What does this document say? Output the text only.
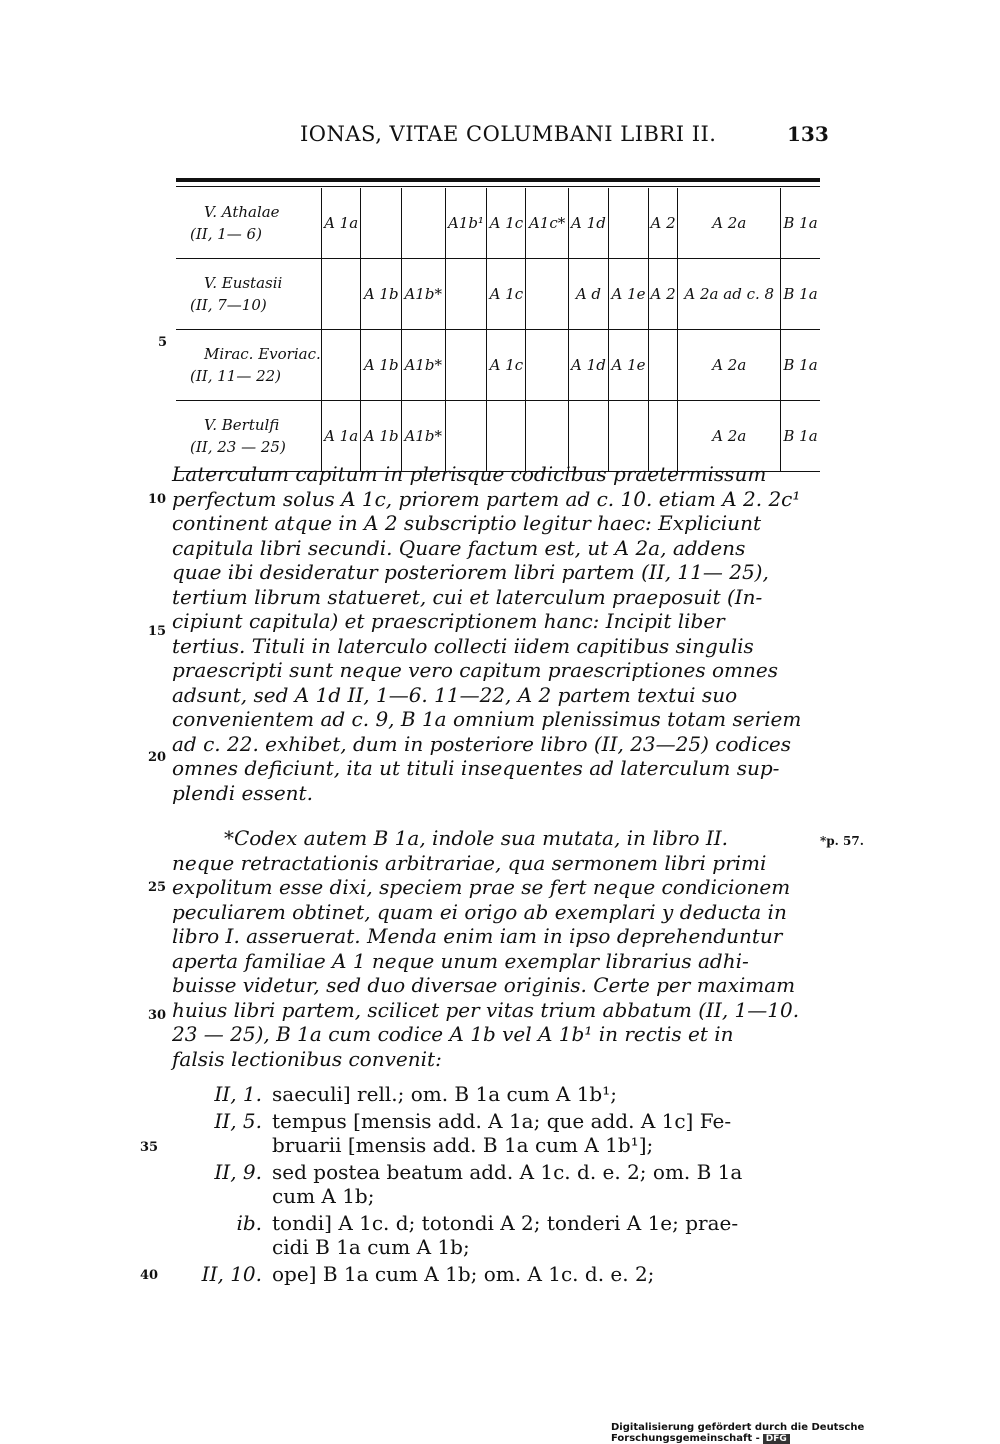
IONAS, VITAE COLUMBANI LIBRI II.	133
V. Athalae
(II, 1— 6)	A 1a			A1b¹	A 1c	A1c*	A 1d		A 2	A 2a	B 1a

V. Eustasii
(II, 7—10)		A 1b	A1b*		A 1c		A d	A 1e	A 2	A 2a ad c. 8	B 1a

Mirac. Evoriac.
(II, 11— 22)		A 1b	A1b*		A 1c		A 1d	A 1e		A 2a	B 1a

V. Bertulfi
(II, 23 — 25)	A 1a	A 1b	A1b*							A 2a	B 1a
5
Laterculum capitum in plerisque codicibus praetermissum
perfectum solus A 1c, priorem partem ad c. 10. etiam A 2. 2c¹
continent atque in A 2 subscriptio legitur haec: Expliciunt
capitula libri secundi. Quare factum est, ut A 2a, addens
quae ibi desideratur posteriorem libri partem (II, 11— 25),
tertium librum statueret, cui et laterculum praeposuit (In-
cipiunt capitula) et praescriptionem hanc: Incipit liber
tertius. Tituli in laterculo collecti iidem capitibus singulis
praescripti sunt neque vero capitum praescriptiones omnes
adsunt, sed A 1d II, 1—6. 11—22, A 2 partem textui suo
convenientem ad c. 9, B 1a omnium plenissimus totam seriem
ad c. 22. exhibet, dum in posteriore libro (II, 23—25) codices
omnes deficiunt, ita ut tituli insequentes ad laterculum sup-
plendi essent.
10
15
20
*Codex autem B 1a, indole sua mutata, in libro II.
neque retractationis arbitrariae, qua sermonem libri primi
expolitum esse dixi, speciem prae se fert neque condicionem
peculiarem obtinet, quam ei origo ab exemplari y deducta in
libro I. asseruerat. Menda enim iam in ipso deprehenduntur
aperta familiae A 1 neque unum exemplar librarius adhi-
buisse videtur, sed duo diversae originis. Certe per maximam
huius libri partem, scilicet per vitas trium abbatum (II, 1—10.
23 — 25), B 1a cum codice A 1b vel A 1b¹ in rectis et in
falsis lectionibus convenit:
*p. 57.
25
30
II, 1. saeculi] rell.; om. B 1a cum A 1b¹;
II, 5. tempus [mensis add. A 1a; que add. A 1c] Fe-
bruarii [mensis add. B 1a cum A 1b¹];
II, 9. sed postea beatum add. A 1c. d. e. 2; om. B 1a
cum A 1b;
ib. tondi] A 1c. d; totondi A 2; tonderi A 1e; prae-
cidi B 1a cum A 1b;
II, 10. ope] B 1a cum A 1b; om. A 1c. d. e. 2;
35
40
Digitalisierung gefördert durch die Deutsche Forschungsgemeinschaft - DFG
